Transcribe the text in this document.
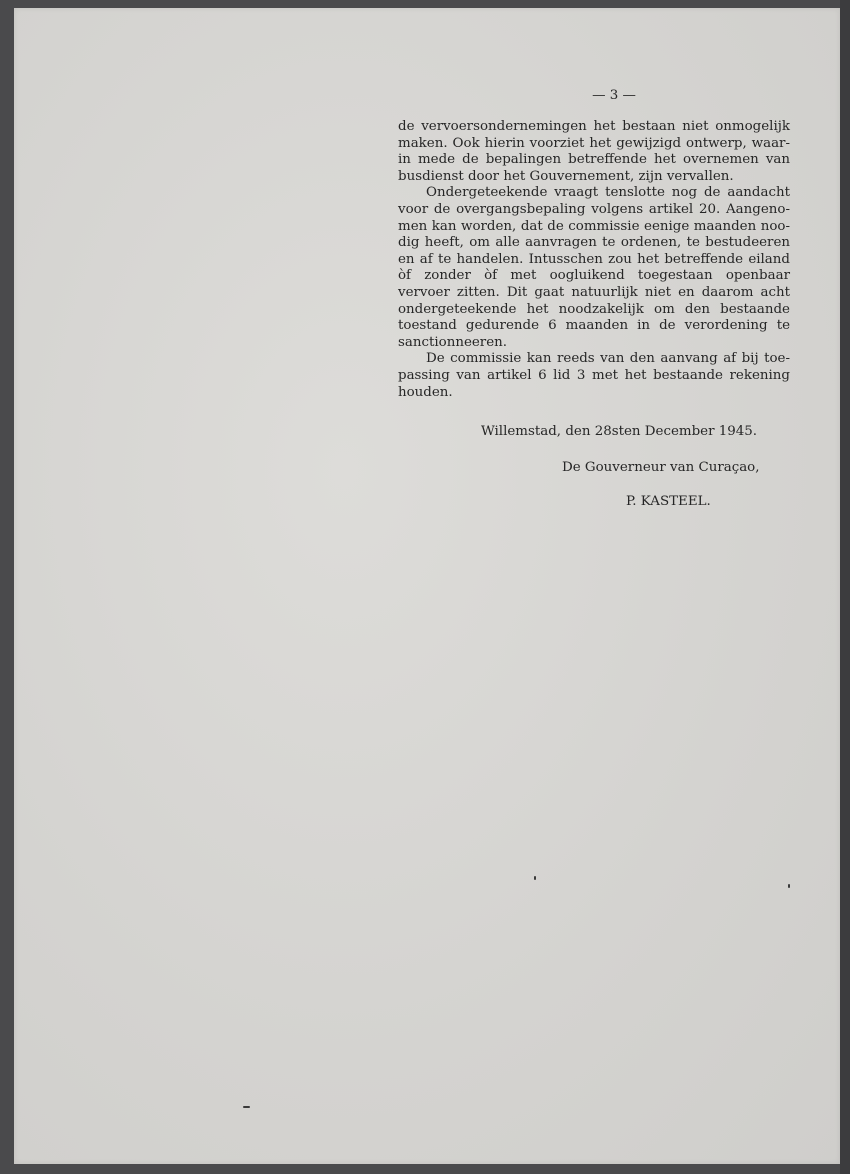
— 3 —

de vervoersondernemingen het bestaan niet onmogelijk maken. Ook hierin voorziet het gewijzigd ontwerp, waarin mede de bepalingen betreffende het overnemen van busdienst door het Gouvernement, zijn vervallen.

Ondergeteekende vraagt tenslotte nog de aandacht voor de overgangsbepaling volgens artikel 20. Aangenomen kan worden, dat de commissie eenige maanden noodig heeft, om alle aanvragen te ordenen, te bestudeeren en af te handelen. Intusschen zou het betreffende eiland òf zonder òf met oogluikend toegestaan openbaar vervoer zitten. Dit gaat natuurlijk niet en daarom acht ondergeteekende het noodzakelijk om den bestaande toestand gedurende 6 maanden in de verordening te sanctionneeren.

De commissie kan reeds van den aanvang af bij toepassing van artikel 6 lid 3 met het bestaande rekening houden.

Willemstad, den 28sten December 1945.
De Gouverneur van Curaçao,
P. KASTEEL.
